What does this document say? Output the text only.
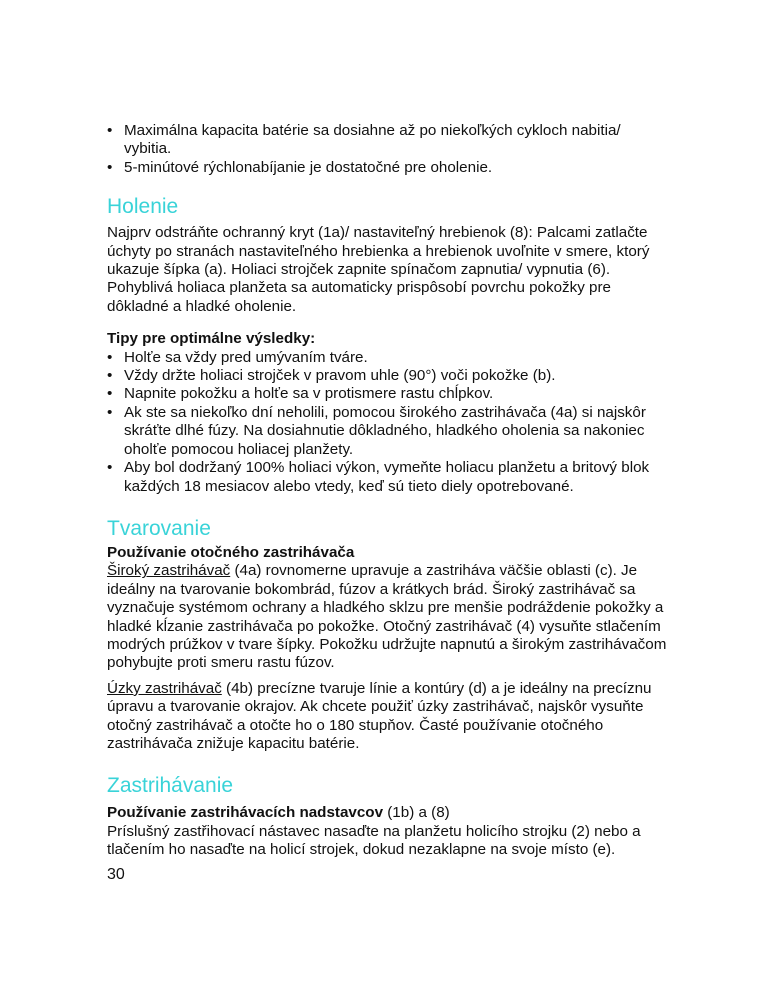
• Maximálna kapacita batérie sa dosiahne až po niekoľkých cykloch nabitia/ vybitia.
• 5-minútové rýchlonabíjanie je dostatočné pre oholenie.
Holenie

Najprv odstráňte ochranný kryt (1a)/ nastaviteľný hrebienok (8): Palcami zatlačte úchyty po stranách nastaviteľného hrebienka a hrebienok uvoľnite v smere, ktorý ukazuje šípka (a). Holiaci strojček zapnite spínačom zapnutia/ vypnutia (6). Pohyblivá holiaca planžeta sa automaticky prispôsobí povrchu pokožky pre dôkladné a hladké oholenie.

Tipy pre optimálne výsledky:
• Holťe sa vždy pred umývaním tváre.
• Vždy držte holiaci strojček v pravom uhle (90°) voči pokožke (b).
• Napnite pokožku a holťe sa v protismere rastu chĺpkov.
• Ak ste sa niekoľko dní neholili, pomocou širokého zastrihávača (4a) si najskôr skráťte dlhé fúzy. Na dosiahnutie dôkladného, hladkého oholenia sa nakoniec oholťe pomocou holiacej planžety.
• Aby bol dodržaný 100% holiaci výkon, vymeňte holiacu planžetu a britový blok každých 18 mesiacov alebo vtedy, keď sú tieto diely opotrebované.
Tvarovanie
Používanie otočného zastrihávača

Široký zastrihávač (4a) rovnomerne upravuje a zastriháva väčšie oblasti (c). Je ideálny na tvarovanie bokombrád, fúzov a krátkych brád. Široký zastrihávač sa vyznačuje systémom ochrany a hladkého sklzu pre menšie podráždenie pokožky a hladké kĺzanie zastrihávača po pokožke. Otočný zastrihávač (4) vysuňte stlačením modrých prúžkov v tvare šípky. Pokožku udržujte napnutú a širokým zastrihávačom pohybujte proti smeru rastu fúzov.

Úzky zastrihávač (4b) precízne tvaruje línie a kontúry (d) a je ideálny na precíznu úpravu a tvarovanie okrajov. Ak chcete použiť úzky zastrihávač, najskôr vysuňte otočný zastrihávač a otočte ho o 180 stupňov. Časté používanie otočného zastrihávača znižuje kapacitu batérie.

Zastrihávanie

Používanie zastrihávacích nadstavcov (1b) a (8)

Príslušný zastřihovací nástavec nasaďte na planžetu holicího strojku (2) nebo a tlačením ho nasaďte na holicí strojek, dokud nezaklapne na svoje místo (e).

30
